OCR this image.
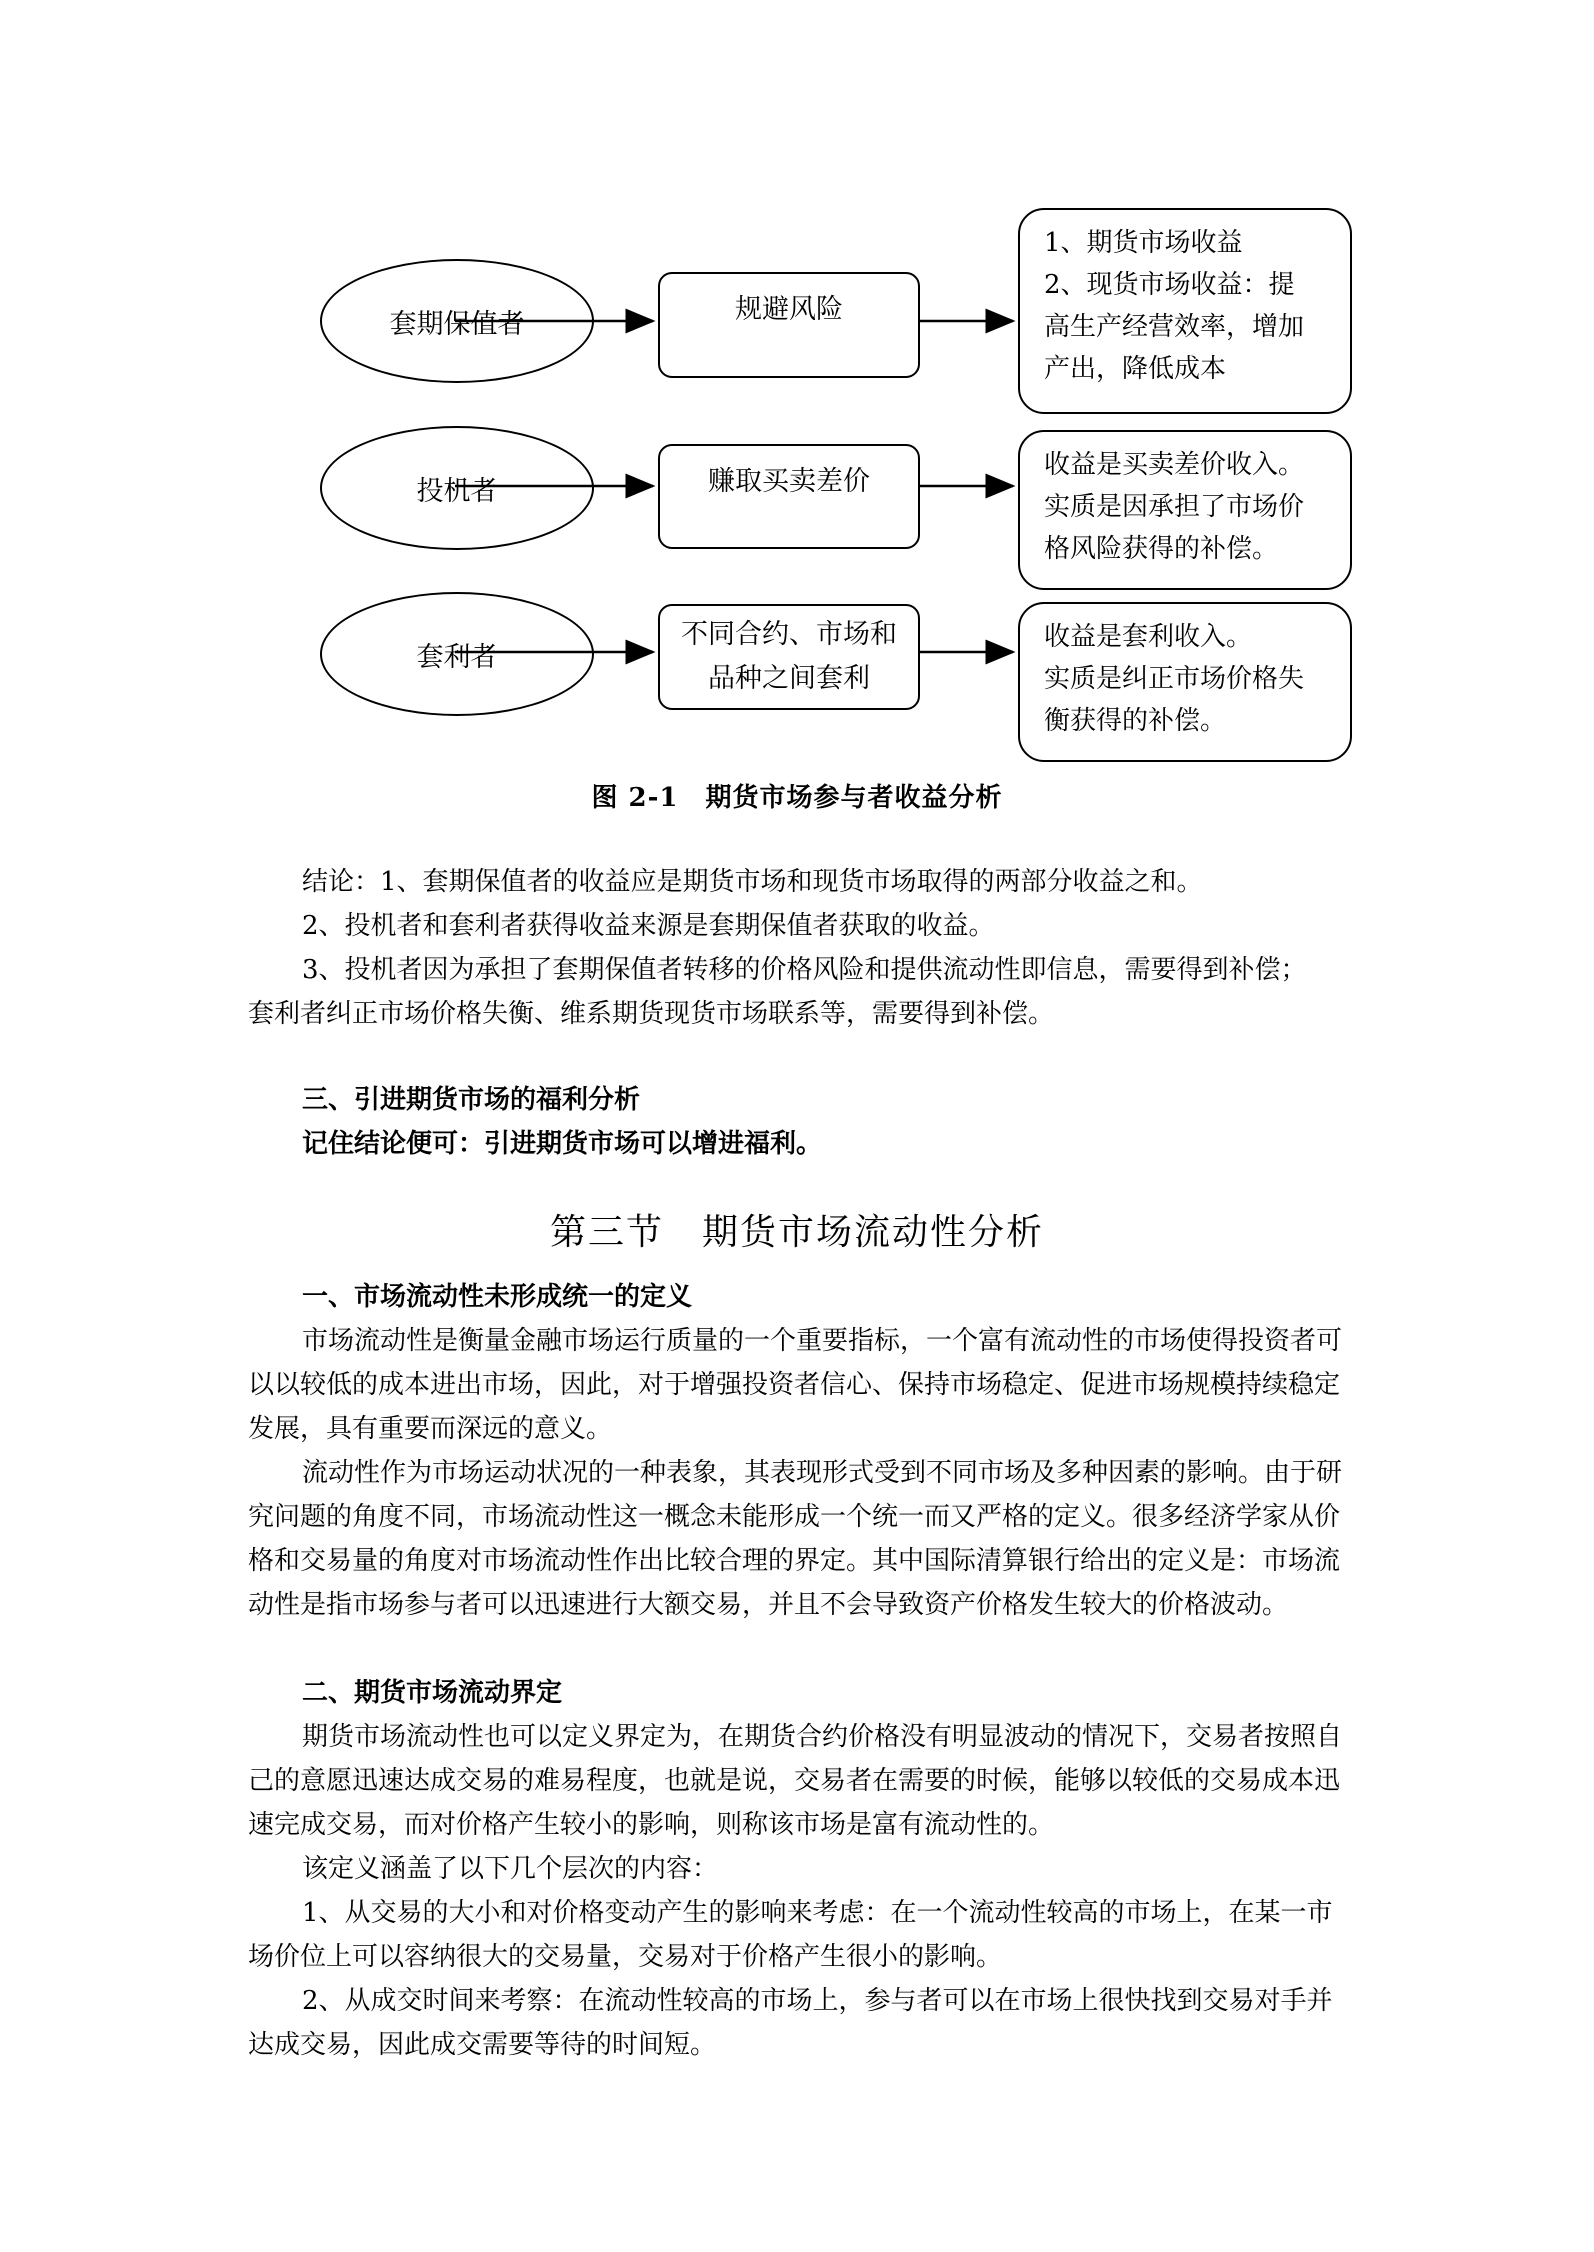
套期保值者	规避风险
1、期货市场收益
2、现货市场收益：提
高生产经营效率，增加
产出，降低成本
投机者	赚取买卖差价
收益是买卖差价收入。
实质是因承担了市场价
格风险获得的补偿。
套利者
不同合约、市场和
品种之间套利
收益是套利收入。
实质是纠正市场价格失
衡获得的补偿。
图 2-1　期货市场参与者收益分析
结论：1、套期保值者的收益应是期货市场和现货市场取得的两部分收益之和。
2、投机者和套利者获得收益来源是套期保值者获取的收益。
3、投机者因为承担了套期保值者转移的价格风险和提供流动性即信息，需要得到补偿；
套利者纠正市场价格失衡、维系期货现货市场联系等，需要得到补偿。
三、引进期货市场的福利分析
记住结论便可：引进期货市场可以增进福利。
第三节　期货市场流动性分析
一、市场流动性未形成统一的定义
市场流动性是衡量金融市场运行质量的一个重要指标，一个富有流动性的市场使得投资者可以以较低的成本进出市场，因此，对于增强投资者信心、保持市场稳定、促进市场规模持续稳定发展，具有重要而深远的意义。
流动性作为市场运动状况的一种表象，其表现形式受到不同市场及多种因素的影响。由于研究问题的角度不同，市场流动性这一概念未能形成一个统一而又严格的定义。很多经济学家从价格和交易量的角度对市场流动性作出比较合理的界定。其中国际清算银行给出的定义是：市场流动性是指市场参与者可以迅速进行大额交易，并且不会导致资产价格发生较大的价格波动。
二、期货市场流动界定
期货市场流动性也可以定义界定为，在期货合约价格没有明显波动的情况下，交易者按照自己的意愿迅速达成交易的难易程度，也就是说，交易者在需要的时候，能够以较低的交易成本迅速完成交易，而对价格产生较小的影响，则称该市场是富有流动性的。
该定义涵盖了以下几个层次的内容：
1、从交易的大小和对价格变动产生的影响来考虑：在一个流动性较高的市场上，在某一市场价位上可以容纳很大的交易量，交易对于价格产生很小的影响。
2、从成交时间来考察：在流动性较高的市场上，参与者可以在市场上很快找到交易对手并达成交易，因此成交需要等待的时间短。
